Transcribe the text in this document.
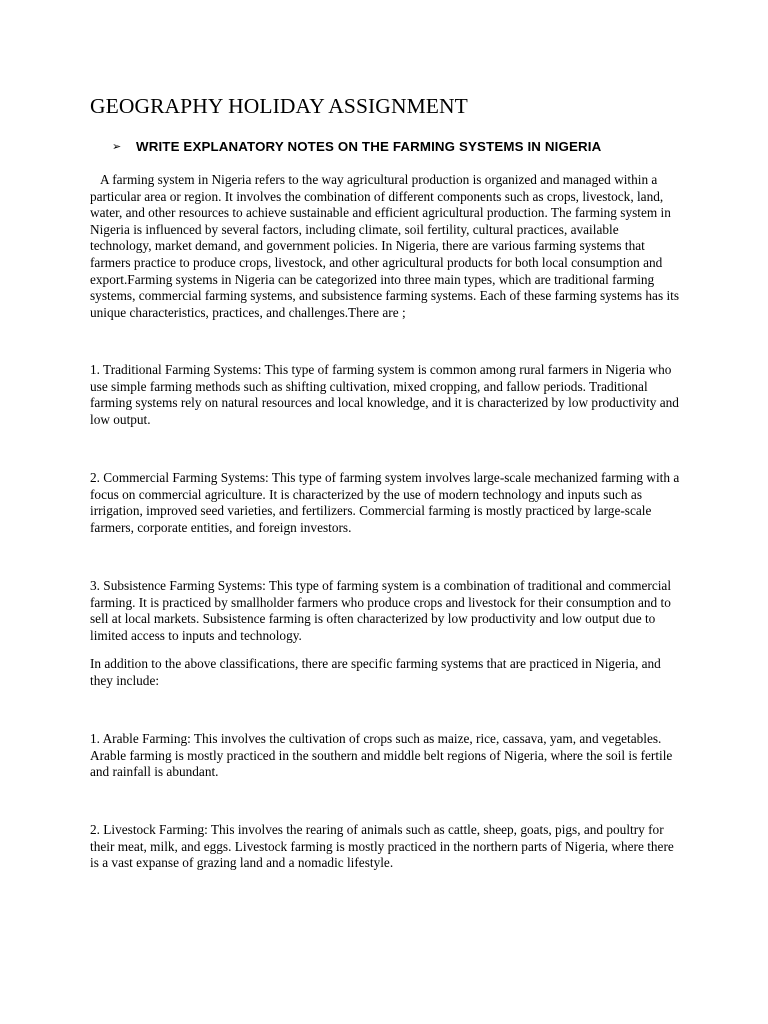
GEOGRAPHY HOLIDAY ASSIGNMENT
➢	WRITE EXPLANATORY NOTES ON THE FARMING SYSTEMS IN NIGERIA

A farming system in Nigeria refers to the way agricultural production is organized and managed within a particular area or region. It involves the combination of different components such as crops, livestock, land, water, and other resources to achieve sustainable and efficient agricultural production. The farming system in Nigeria is influenced by several factors, including climate, soil fertility, cultural practices, available technology, market demand, and government policies. In Nigeria, there are various farming systems that farmers practice to produce crops, livestock, and other agricultural products for both local consumption and export.Farming systems in Nigeria can be categorized into three main types, which are traditional farming systems, commercial farming systems, and subsistence farming systems. Each of these farming systems has its unique characteristics, practices, and challenges.There are ;

1. Traditional Farming Systems: This type of farming system is common among rural farmers in Nigeria who use simple farming methods such as shifting cultivation, mixed cropping, and fallow periods. Traditional farming systems rely on natural resources and local knowledge, and it is characterized by low productivity and low output.

2. Commercial Farming Systems: This type of farming system involves large-scale mechanized farming with a focus on commercial agriculture. It is characterized by the use of modern technology and inputs such as irrigation, improved seed varieties, and fertilizers. Commercial farming is mostly practiced by large-scale farmers, corporate entities, and foreign investors.

3. Subsistence Farming Systems: This type of farming system is a combination of traditional and commercial farming. It is practiced by smallholder farmers who produce crops and livestock for their consumption and to sell at local markets. Subsistence farming is often characterized by low productivity and low output due to limited access to inputs and technology.

In addition to the above classifications, there are specific farming systems that are practiced in Nigeria, and they include:

1. Arable Farming: This involves the cultivation of crops such as maize, rice, cassava, yam, and vegetables. Arable farming is mostly practiced in the southern and middle belt regions of Nigeria, where the soil is fertile and rainfall is abundant.

2. Livestock Farming: This involves the rearing of animals such as cattle, sheep, goats, pigs, and poultry for their meat, milk, and eggs. Livestock farming is mostly practiced in the northern parts of Nigeria, where there is a vast expanse of grazing land and a nomadic lifestyle.
